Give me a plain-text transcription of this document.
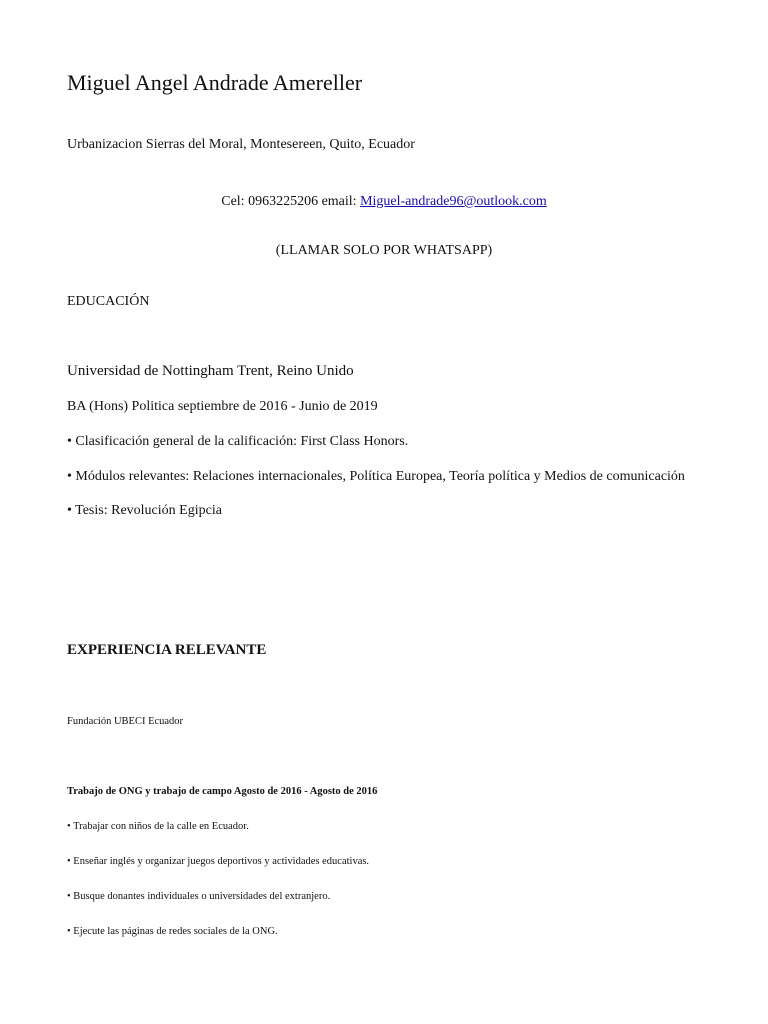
Miguel Angel Andrade Amereller
Urbanizacion Sierras del Moral, Montesereen, Quito, Ecuador
Cel: 0963225206 email: Miguel-andrade96@outlook.com
(LLAMAR SOLO POR WHATSAPP)
EDUCACIÓN
Universidad de Nottingham Trent, Reino Unido
BA (Hons) Politica septiembre de 2016 - Junio de 2019
• Clasificación general de la calificación: First Class Honors.
• Módulos relevantes: Relaciones internacionales, Política Europea, Teoría política y Medios de comunicación
• Tesis: Revolución Egipcia
EXPERIENCIA RELEVANTE
Fundación UBECI Ecuador
Trabajo de ONG y trabajo de campo Agosto de 2016 - Agosto de 2016
• Trabajar con niños de la calle en Ecuador.
• Enseñar inglés y organizar juegos deportivos y actividades educativas.
• Busque donantes individuales o universidades del extranjero.
• Ejecute las páginas de redes sociales de la ONG.
